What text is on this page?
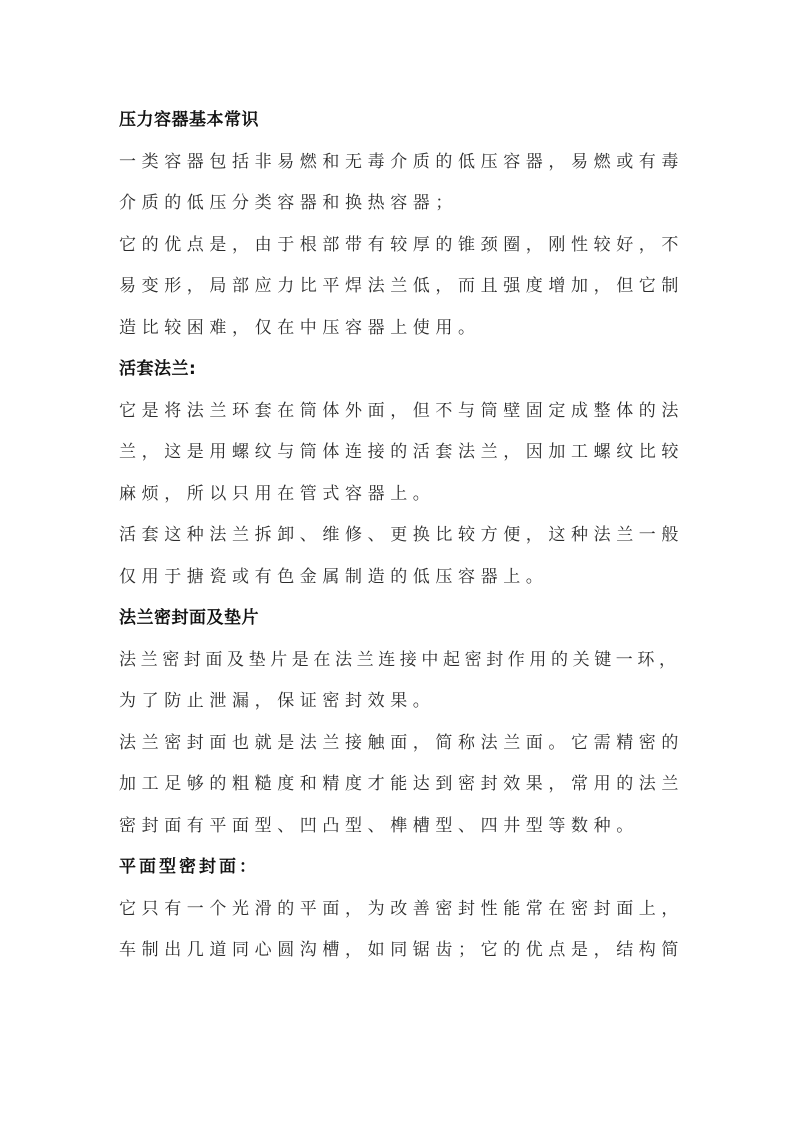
压力容器基本常识
一类容器包括非易燃和无毒介质的低压容器，易燃或有毒
介质的低压分类容器和换热容器；
它的优点是，由于根部带有较厚的锥颈圈，刚性较好，不
易变形，局部应力比平焊法兰低，而且强度增加，但它制
造比较困难，仅在中压容器上使用。
活套法兰:
它是将法兰环套在筒体外面，但不与筒壁固定成整体的法
兰，这是用螺纹与筒体连接的活套法兰，因加工螺纹比较
麻烦，所以只用在管式容器上。
活套这种法兰拆卸、维修、更换比较方便，这种法兰一般
仅用于搪瓷或有色金属制造的低压容器上。
法兰密封面及垫片
法兰密封面及垫片是在法兰连接中起密封作用的关键一环，
为了防止泄漏，保证密封效果。
法兰密封面也就是法兰接触面，简称法兰面。它需精密的
加工足够的粗糙度和精度才能达到密封效果，常用的法兰
密封面有平面型、凹凸型、榫槽型、四井型等数种。
平面型密封面：
它只有一个光滑的平面，为改善密封性能常在密封面上，
车制出几道同心圆沟槽，如同锯齿；它的优点是，结构简
